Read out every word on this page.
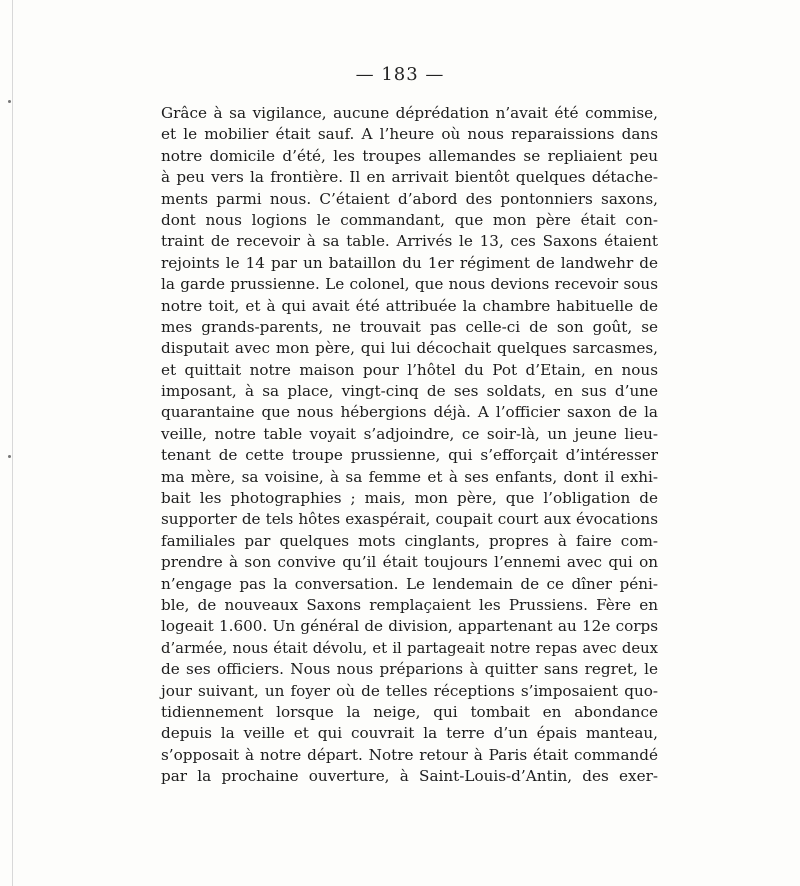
— 183 —
Grâce à sa vigilance, aucune déprédation n’avait été commise,
et le mobilier était sauf. A l’heure où nous reparaissions dans
notre domicile d’été, les troupes allemandes se repliaient peu
à peu vers la frontière. Il en arrivait bientôt quelques détache-
ments parmi nous. C’étaient d’abord des pontonniers saxons,
dont nous logions le commandant, que mon père était con-
traint de recevoir à sa table. Arrivés le 13, ces Saxons étaient
rejoints le 14 par un bataillon du 1er régiment de landwehr de
la garde prussienne. Le colonel, que nous devions recevoir sous
notre toit, et à qui avait été attribuée la chambre habituelle de
mes grands-parents, ne trouvait pas celle-ci de son goût, se
disputait avec mon père, qui lui décochait quelques sarcasmes,
et quittait notre maison pour l’hôtel du Pot d’Etain, en nous
imposant, à sa place, vingt-cinq de ses soldats, en sus d’une
quarantaine que nous hébergions déjà. A l’officier saxon de la
veille, notre table voyait s’adjoindre, ce soir-là, un jeune lieu-
tenant de cette troupe prussienne, qui s’efforçait d’intéresser
ma mère, sa voisine, à sa femme et à ses enfants, dont il exhi-
bait les photographies ; mais, mon père, que l’obligation de
supporter de tels hôtes exaspérait, coupait court aux évocations
familiales par quelques mots cinglants, propres à faire com-
prendre à son convive qu’il était toujours l’ennemi avec qui on
n’engage pas la conversation. Le lendemain de ce dîner péni-
ble, de nouveaux Saxons remplaçaient les Prussiens. Fère en
logeait 1.600. Un général de division, appartenant au 12e corps
d’armée, nous était dévolu, et il partageait notre repas avec deux
de ses officiers. Nous nous préparions à quitter sans regret, le
jour suivant, un foyer où de telles réceptions s’imposaient quo-
tidiennement lorsque la neige, qui tombait en abondance
depuis la veille et qui couvrait la terre d’un épais manteau,
s’opposait à notre départ. Notre retour à Paris était commandé
par la prochaine ouverture, à Saint-Louis-d’Antin, des exer-
